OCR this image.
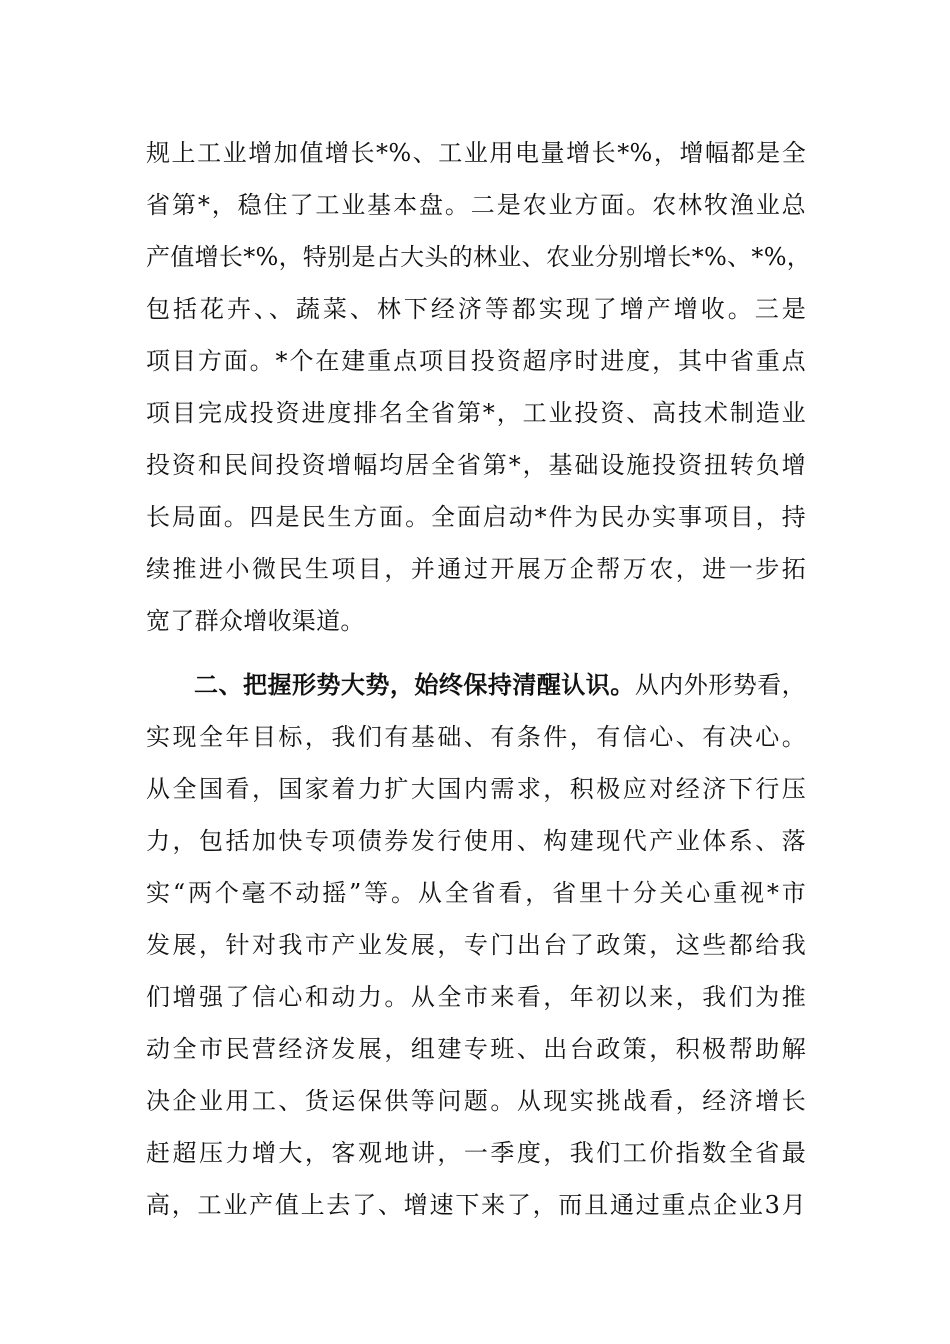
规上工业增加值增长*%、工业用电量增长*%，增幅都是全
省第*，稳住了工业基本盘。二是农业方面。农林牧渔业总
产值增长*%，特别是占大头的林业、农业分别增长*%、*%，
包括花卉、、蔬菜、林下经济等都实现了增产增收。三是
项目方面。*个在建重点项目投资超序时进度，其中省重点
项目完成投资进度排名全省第*，工业投资、高技术制造业
投资和民间投资增幅均居全省第*，基础设施投资扭转负增
长局面。四是民生方面。全面启动*件为民办实事项目，持
续推进小微民生项目，并通过开展万企帮万农，进一步拓
宽了群众增收渠道。
二、把握形势大势，始终保持清醒认识。从内外形势看，
实现全年目标，我们有基础、有条件，有信心、有决心。
从全国看，国家着力扩大国内需求，积极应对经济下行压
力，包括加快专项债券发行使用、构建现代产业体系、落
实“两个毫不动摇”等。从全省看，省里十分关心重视*市
发展，针对我市产业发展，专门出台了政策，这些都给我
们增强了信心和动力。从全市来看，年初以来，我们为推
动全市民营经济发展，组建专班、出台政策，积极帮助解
决企业用工、货运保供等问题。从现实挑战看，经济增长
赶超压力增大，客观地讲，一季度，我们工价指数全省最
高，工业产值上去了、增速下来了，而且通过重点企业3月
